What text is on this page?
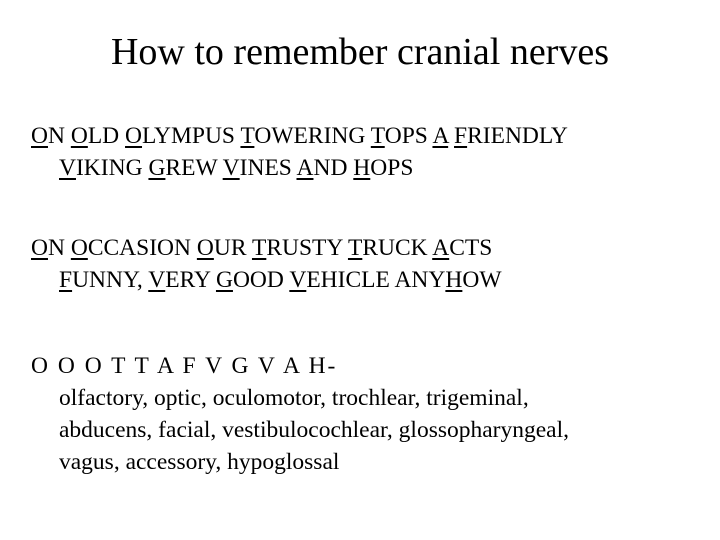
How to remember cranial nerves
ON OLD OLYMPUS TOWERING TOPS A FRIENDLY
VIKING GREW VINES AND HOPS
ON OCCASION OUR TRUSTY TRUCK ACTS
FUNNY, VERY GOOD VEHICLE ANYHOW
O O O T T A F V G V A H-
olfactory, optic, oculomotor, trochlear, trigeminal,
abducens, facial, vestibulocochlear, glossopharyngeal,
vagus, accessory, hypoglossal
